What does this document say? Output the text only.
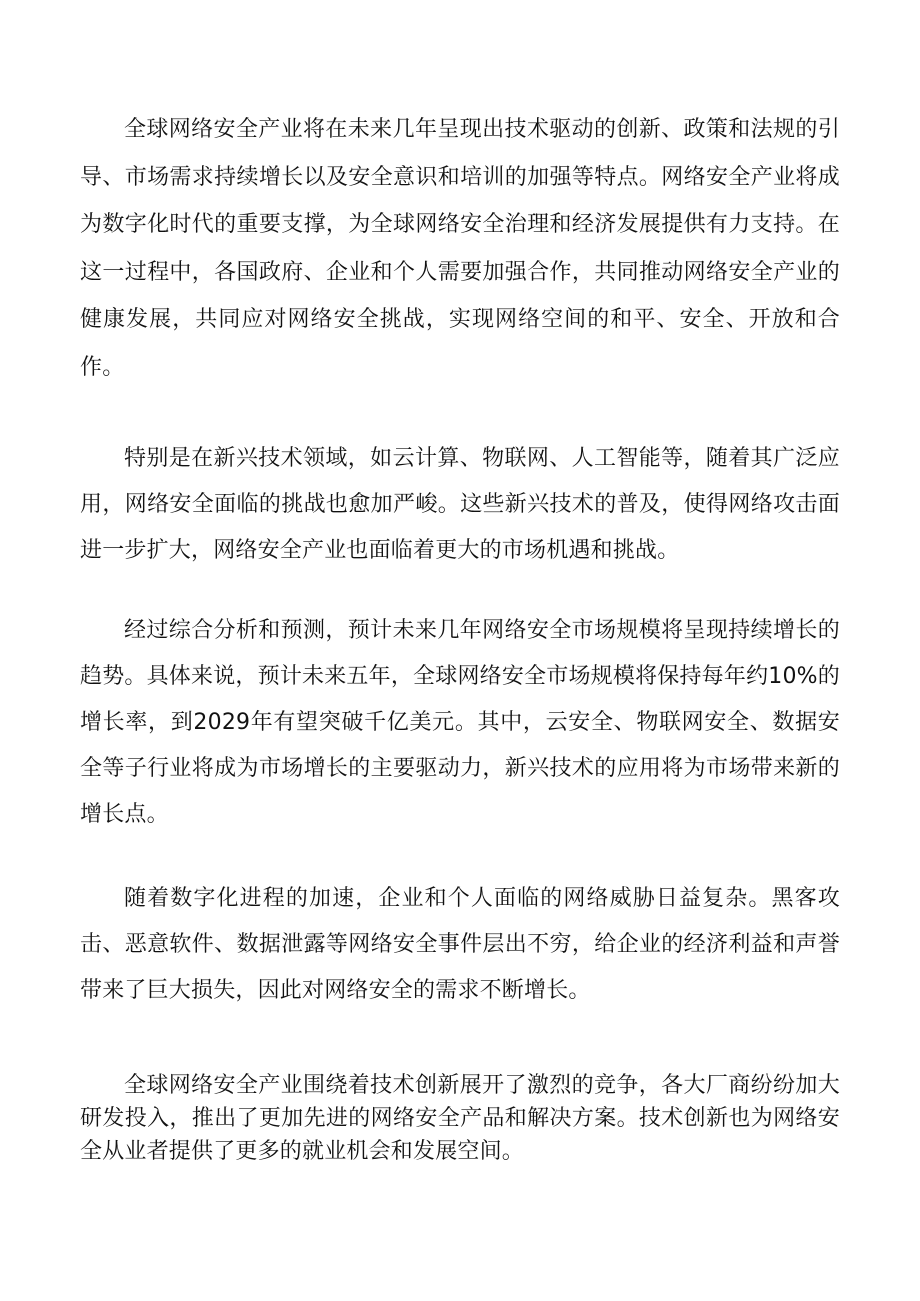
全球网络安全产业将在未来几年呈现出技术驱动的创新、政策和法规的引导、市场需求持续增长以及安全意识和培训的加强等特点。网络安全产业将成为数字化时代的重要支撑，为全球网络安全治理和经济发展提供有力支持。在这一过程中，各国政府、企业和个人需要加强合作，共同推动网络安全产业的健康发展，共同应对网络安全挑战，实现网络空间的和平、安全、开放和合作。

特别是在新兴技术领域，如云计算、物联网、人工智能等，随着其广泛应用，网络安全面临的挑战也愈加严峻。这些新兴技术的普及，使得网络攻击面进一步扩大，网络安全产业也面临着更大的市场机遇和挑战。

经过综合分析和预测，预计未来几年网络安全市场规模将呈现持续增长的趋势。具体来说，预计未来五年，全球网络安全市场规模将保持每年约10%的增长率，到2029年有望突破千亿美元。其中，云安全、物联网安全、数据安全等子行业将成为市场增长的主要驱动力，新兴技术的应用将为市场带来新的增长点。

随着数字化进程的加速，企业和个人面临的网络威胁日益复杂。黑客攻击、恶意软件、数据泄露等网络安全事件层出不穷，给企业的经济利益和声誉带来了巨大损失，因此对网络安全的需求不断增长。

全球网络安全产业围绕着技术创新展开了激烈的竞争，各大厂商纷纷加大研发投入，推出了更加先进的网络安全产品和解决方案。技术创新也为网络安全从业者提供了更多的就业机会和发展空间。
